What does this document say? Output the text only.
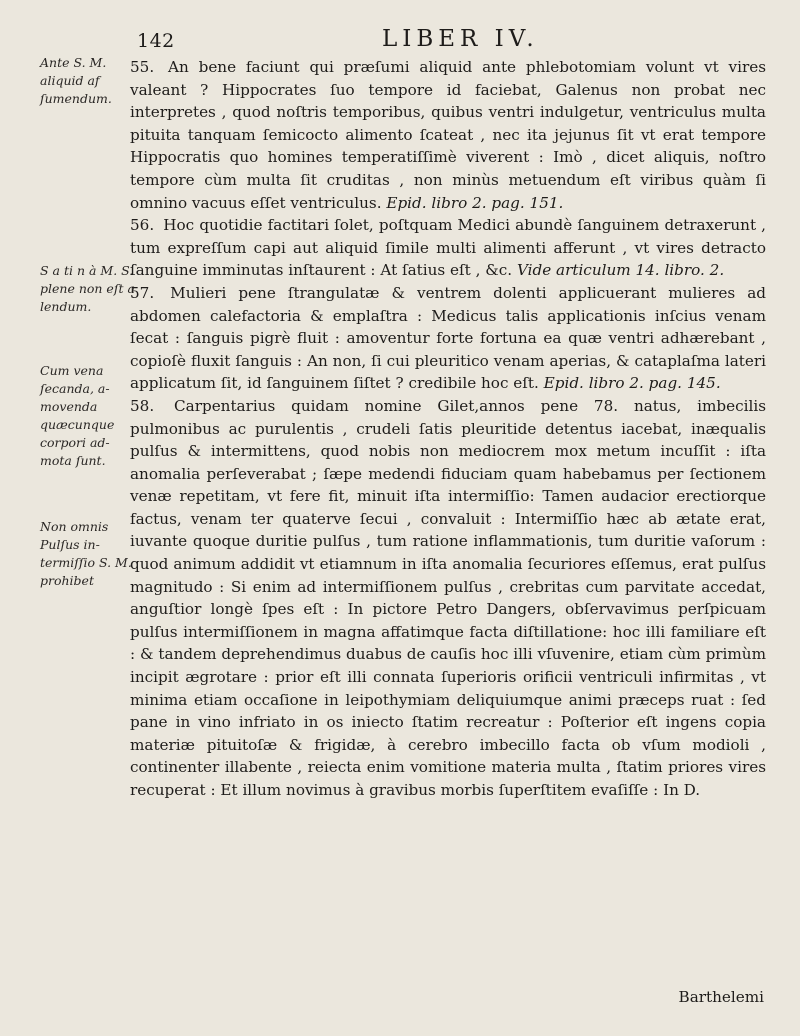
142	LIBER IV.
Ante S. M. aliquid af ſumendum.
S a ti n à M. S. plene non eſt a lendum.
Cum vena ſecanda, a- movenda quæcunque corpori ad- mota ſunt.
Non omnis Pulſus in- termiſſio S. M. prohibet

55. An bene faciunt qui præſumi aliquid ante phlebotomiam volunt vt vires valeant ? Hippocrates ſuo tempore id faciebat, Galenus non probat nec interpretes , quod noſtris temporibus, quibus ventri indulgetur, ventriculus multa pituita tanquam ſemicocto alimento ſcateat , nec ita jejunus ſit vt erat tempore Hippocratis quo homines temperatiſſimè viverent : Imò , dicet aliquis, noſtro tempore cùm multa ſit cruditas , non minùs metuendum eſt viribus quàm ſi omnino vacuus eſſet ventriculus. Epid. libro 2. pag. 151.

56. Hoc quotidie factitari ſolet, poſtquam Medici abundè ſanguinem detraxerunt , tum expreſſum capi aut aliquid ſimile multi alimenti afferunt , vt vires detracto ſanguine imminutas inſtaurent : At ſatius eſt , &c. Vide articulum 14. libro. 2.

57. Mulieri pene ſtrangulatæ & ventrem dolenti applicuerant mulieres ad abdomen calefactoria & emplaſtra : Medicus talis applicationis inſcius venam ſecat : ſanguis pigrè fluit : amoventur forte fortuna ea quæ ventri adhærebant , copioſè fluxit ſanguis : An non, ſi cui pleuritico venam aperias, & cataplaſma lateri applicatum ſit, id ſanguinem ſiſtet ? credibile hoc eſt. Epid. libro 2. pag. 145.

58. Carpentarius quidam nomine Gilet,annos pene 78. natus, imbecilis pulmonibus ac purulentis , crudeli ſatis pleuritide detentus iacebat, inæqualis pulſus & intermittens, quod nobis non mediocrem mox metum incuſſit : iſta anomalia perſeverabat ; ſæpe medendi fiduciam quam habebamus per ſectionem venæ repetitam, vt fere fit, minuit iſta intermiſſio: Tamen audacior erectiorque factus, venam ter quaterve ſecui , convaluit : Intermiſſio hæc ab ætate erat, iuvante quoque duritie pulſus , tum ratione inflammationis, tum duritie vaſorum : quod animum addidit vt etiamnum in iſta anomalia ſecuriores eſſemus, erat pulſus magnitudo : Si enim ad intermiſſionem pulſus , crebritas cum parvitate accedat, anguſtior longè ſpes eſt : In pictore Petro Dangers, obſervavimus perſpicuam pulſus intermiſſionem in magna affatimque facta diſtillatione: hoc illi familiare eſt : & tandem deprehendimus duabus de cauſis hoc illi vſuvenire, etiam cùm primùm incipit ægrotare : prior eſt illi connata ſuperioris orificii ventriculi infirmitas , vt minima etiam occaſione in leipothymiam deliquiumque animi præceps ruat : ſed pane in vino infriato in os iniecto ſtatim recreatur : Poſterior eſt ingens copia materiæ pituitoſæ & frigidæ, à cerebro imbecillo facta ob vſum modioli , continenter illabente , reiecta enim vomitione materia multa , ſtatim priores vires recuperat : Et illum novimus à gravibus morbis ſuperſtitem evaſiſſe : In D.

Barthelemi
